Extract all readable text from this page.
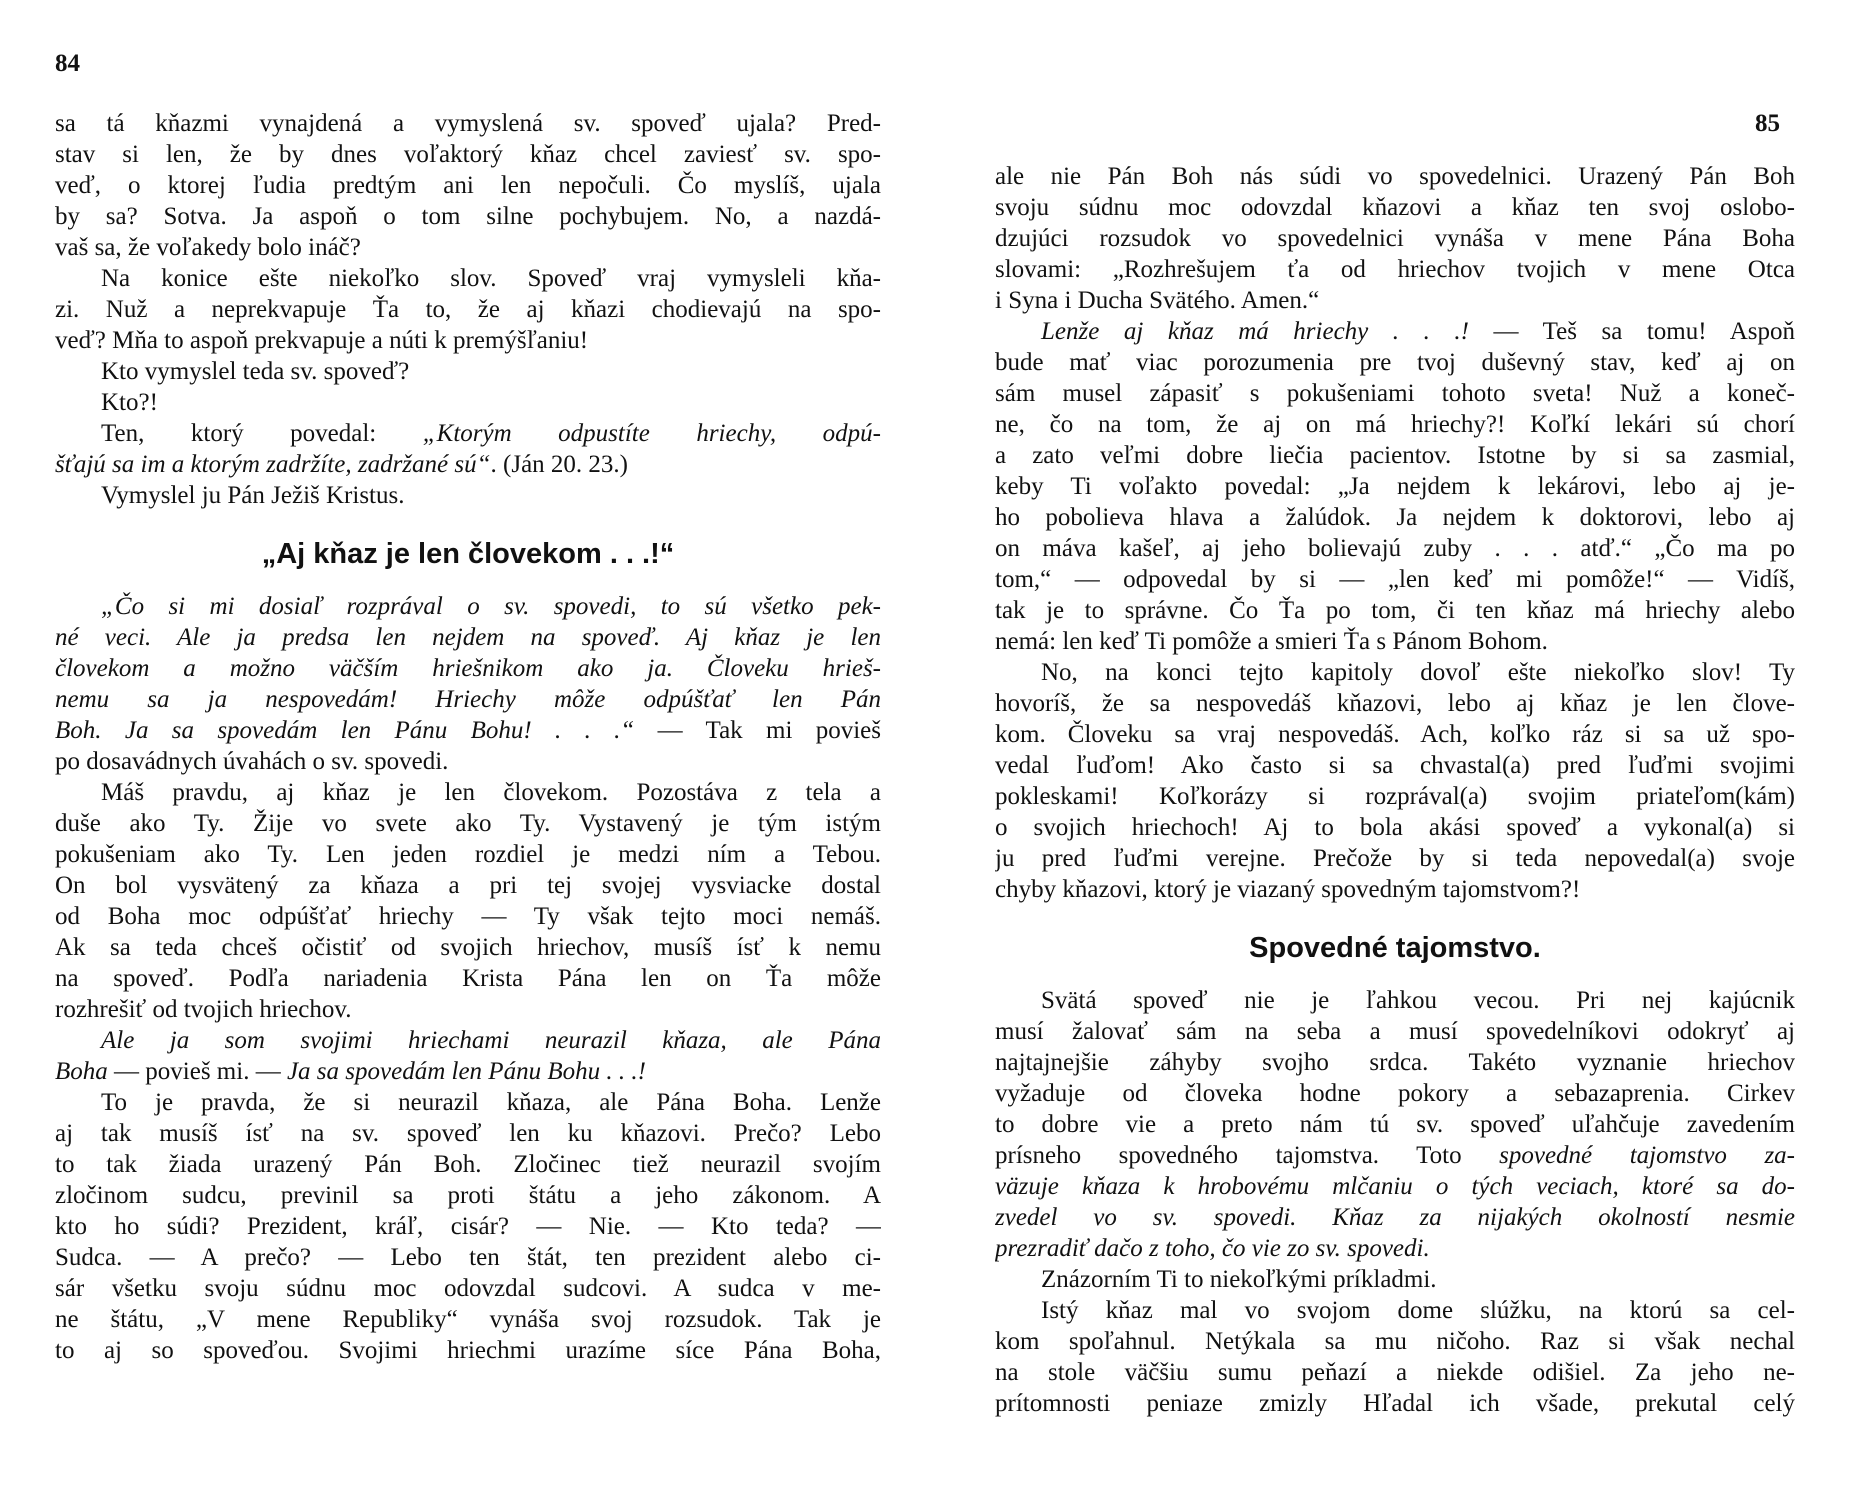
84
sa tá kňazmi vynajdená a vymyslená sv. spoveď ujala? Pred-
stav si len, že by dnes voľaktorý kňaz chcel zaviesť sv. spo-
veď, o ktorej ľudia predtým ani len nepočuli. Čo myslíš, ujala
by sa? Sotva. Ja aspoň o tom silne pochybujem. No, a nazdá-
vaš sa, že voľakedy bolo ináč?
Na konice ešte niekoľko slov. Spoveď vraj vymysleli kňa-
zi. Nuž a neprekvapuje Ťa to, že aj kňazi chodievajú na spo-
veď? Mňa to aspoň prekvapuje a núti k premýšľaniu!
Kto vymyslel teda sv. spoveď?
Kto?!
Ten, ktorý povedal: „Ktorým odpustíte hriechy, odpú-
šťajú sa im a ktorým zadržíte, zadržané sú“. (Ján 20. 23.)
Vymyslel ju Pán Ježiš Kristus.
„Aj kňaz je len človekom . . .!“
„Čo si mi dosiaľ rozprával o sv. spovedi, to sú všetko pek-
né veci. Ale ja predsa len nejdem na spoveď. Aj kňaz je len
človekom a možno väčším hriešnikom ako ja. Človeku hrieš-
nemu sa ja nespovedám! Hriechy môže odpúšťať len Pán
Boh. Ja sa spovedám len Pánu Bohu! . . .“ — Tak mi povieš
po dosavádnych úvahách o sv. spovedi.
Máš pravdu, aj kňaz je len človekom. Pozostáva z tela a
duše ako Ty. Žije vo svete ako Ty. Vystavený je tým istým
pokušeniam ako Ty. Len jeden rozdiel je medzi ním a Tebou.
On bol vysvätený za kňaza a pri tej svojej vysviacke dostal
od Boha moc odpúšťať hriechy — Ty však tejto moci nemáš.
Ak sa teda chceš očistiť od svojich hriechov, musíš ísť k nemu
na spoveď. Podľa nariadenia Krista Pána len on Ťa môže
rozhrešiť od tvojich hriechov.
Ale ja som svojimi hriechami neurazil kňaza, ale Pána
Boha — povieš mi. — Ja sa spovedám len Pánu Bohu . . .!
To je pravda, že si neurazil kňaza, ale Pána Boha. Lenže
aj tak musíš ísť na sv. spoveď len ku kňazovi. Prečo? Lebo
to tak žiada urazený Pán Boh. Zločinec tiež neurazil svojím
zločinom sudcu, previnil sa proti štátu a jeho zákonom. A
kto ho súdi? Prezident, kráľ, cisár? — Nie. — Kto teda? —
Sudca. — A prečo? — Lebo ten štát, ten prezident alebo ci-
sár všetku svoju súdnu moc odovzdal sudcovi. A sudca v me-
ne štátu, „V mene Republiky“ vynáša svoj rozsudok. Tak je
to aj so spoveďou. Svojimi hriechmi urazíme síce Pána Boha,
85
ale nie Pán Boh nás súdi vo spovedelnici. Urazený Pán Boh
svoju súdnu moc odovzdal kňazovi a kňaz ten svoj oslobo-
dzujúci rozsudok vo spovedelnici vynáša v mene Pána Boha
slovami: „Rozhrešujem ťa od hriechov tvojich v mene Otca
i Syna i Ducha Svätého. Amen.“
Lenže aj kňaz má hriechy . . .! — Teš sa tomu! Aspoň
bude mať viac porozumenia pre tvoj duševný stav, keď aj on
sám musel zápasiť s pokušeniami tohoto sveta! Nuž a koneč-
ne, čo na tom, že aj on má hriechy?! Koľkí lekári sú chorí
a zato veľmi dobre liečia pacientov. Istotne by si sa zasmial,
keby Ti voľakto povedal: „Ja nejdem k lekárovi, lebo aj je-
ho pobolieva hlava a žalúdok. Ja nejdem k doktorovi, lebo aj
on máva kašeľ, aj jeho bolievajú zuby . . . atď.“ „Čo ma po
tom,“ — odpovedal by si — „len keď mi pomôže!“ — Vidíš,
tak je to správne. Čo Ťa po tom, či ten kňaz má hriechy alebo
nemá: len keď Ti pomôže a smieri Ťa s Pánom Bohom.
No, na konci tejto kapitoly dovoľ ešte niekoľko slov! Ty
hovoríš, že sa nespovedáš kňazovi, lebo aj kňaz je len člove-
kom. Človeku sa vraj nespovedáš. Ach, koľko ráz si sa už spo-
vedal ľuďom! Ako často si sa chvastal(a) pred ľuďmi svojimi
pokleskami! Koľkorázy si rozprával(a) svojim priateľom(kám)
o svojich hriechoch! Aj to bola akási spoveď a vykonal(a) si
ju pred ľuďmi verejne. Prečože by si teda nepovedal(a) svoje
chyby kňazovi, ktorý je viazaný spovedným tajomstvom?!
Spovedné tajomstvo.
Svätá spoveď nie je ľahkou vecou. Pri nej kajúcnik
musí žalovať sám na seba a musí spovedelníkovi odokryť aj
najtajnejšie záhyby svojho srdca. Takéto vyznanie hriechov
vyžaduje od človeka hodne pokory a sebazaprenia. Cirkev
to dobre vie a preto nám tú sv. spoveď uľahčuje zavedením
prísneho spovedného tajomstva. Toto spovedné tajomstvo za-
väzuje kňaza k hrobovému mlčaniu o tých veciach, ktoré sa do-
zvedel vo sv. spovedi. Kňaz za nijakých okolností nesmie
prezradiť dačo z toho, čo vie zo sv. spovedi.
Znázorním Ti to niekoľkými príkladmi.
Istý kňaz mal vo svojom dome slúžku, na ktorú sa cel-
kom spoľahnul. Netýkala sa mu ničoho. Raz si však nechal
na stole väčšiu sumu peňazí a niekde odišiel. Za jeho ne-
prítomnosti peniaze zmizly Hľadal ich všade, prekutal celý
